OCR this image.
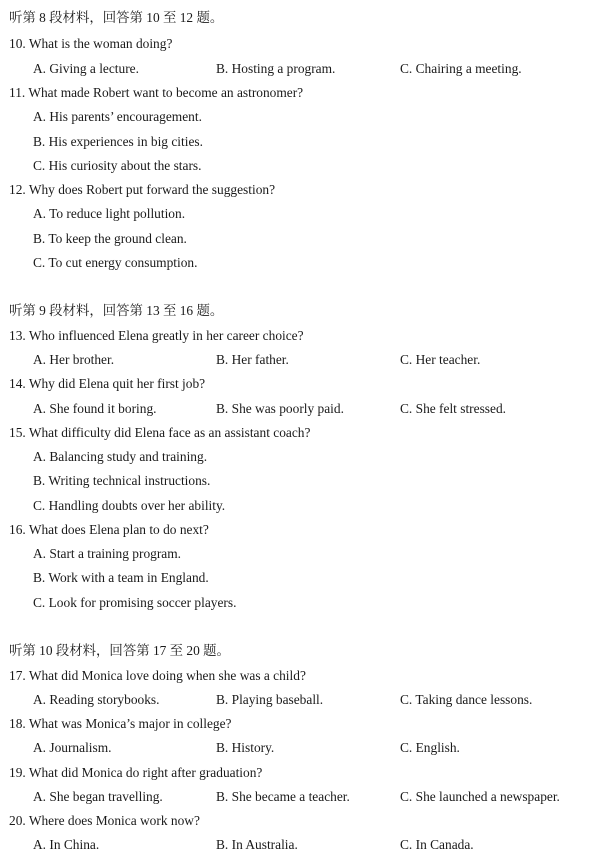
听第 8 段材料，回答第 10 至 12 题。
10. What is the woman doing?
A. Giving a lecture.	B. Hosting a program.	C. Chairing a meeting.
11. What made Robert want to become an astronomer?
A. His parents’ encouragement.
B. His experiences in big cities.
C. His curiosity about the stars.
12. Why does Robert put forward the suggestion?
A. To reduce light pollution.
B. To keep the ground clean.
C. To cut energy consumption.
听第 9 段材料，回答第 13 至 16 题。
13. Who influenced Elena greatly in her career choice?
A. Her brother.	B. Her father.	C. Her teacher.
14. Why did Elena quit her first job?
A. She found it boring.	B. She was poorly paid.	C. She felt stressed.
15. What difficulty did Elena face as an assistant coach?
A. Balancing study and training.
B. Writing technical instructions.
C. Handling doubts over her ability.
16. What does Elena plan to do next?
A. Start a training program.
B. Work with a team in England.
C. Look for promising soccer players.
听第 10 段材料，回答第 17 至 20 题。
17. What did Monica love doing when she was a child?
A. Reading storybooks.	B. Playing baseball.	C. Taking dance lessons.
18. What was Monica’s major in college?
A. Journalism.	B. History.	C. English.
19. What did Monica do right after graduation?
A. She began travelling.	B. She became a teacher.	C. She launched a newspaper.
20. Where does Monica work now?
A. In China.	B. In Australia.	C. In Canada.
